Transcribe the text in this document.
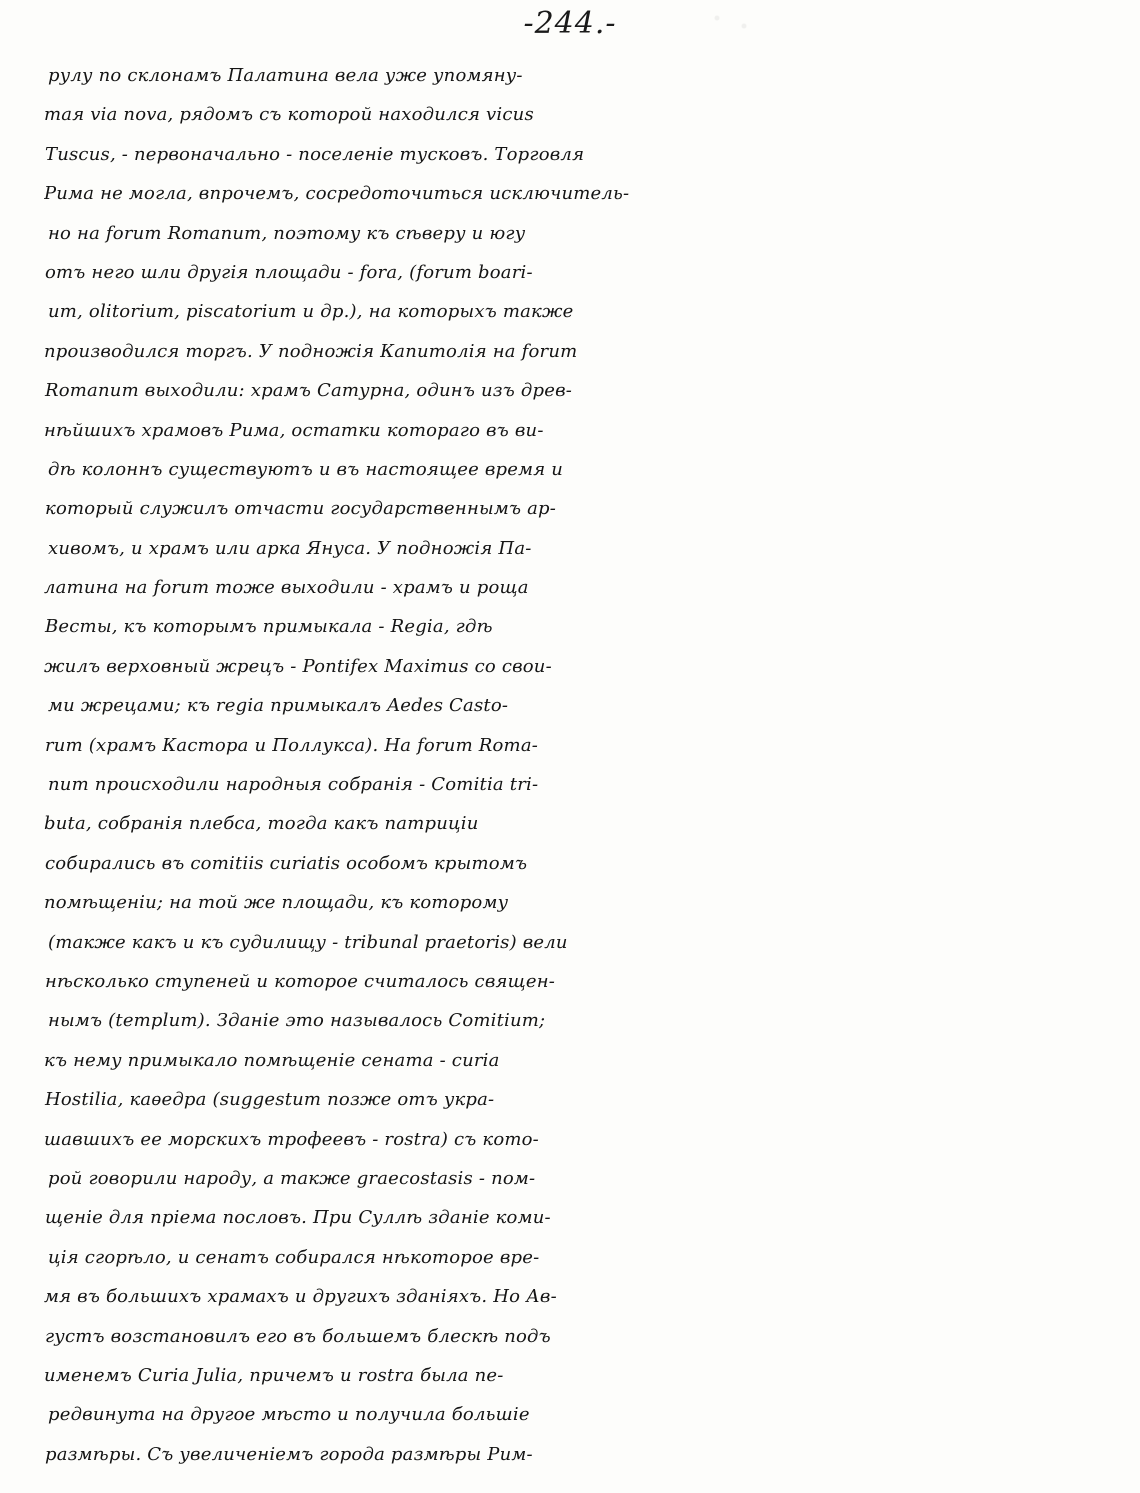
-244.-
рулу по склонамъ Палатина вела уже упомяну-
тая via nova, рядомъ съ которой находился vicus
Tuscus, - первоначально - поселеніе тусковъ. Торговля
Рима не могла, впрочемъ, сосредоточиться исключитель-
но на forum Romanum, поэтому къ сѣверу и югу
отъ него шли другія площади - fora, (forum boari-
um, olitorium, piscatorium и др.), на которыхъ также
производился торгъ. У подножія Капитолія на forum
Romanum выходили: храмъ Сатурна, одинъ изъ древ-
нѣйшихъ храмовъ Рима, остатки котораго въ ви-
дѣ колоннъ существуютъ и въ настоящее время и
который служилъ отчасти государственнымъ ар-
хивомъ, и храмъ или арка Януса. У подножія Па-
латина на forum тоже выходили - храмъ и роща
Весты, къ которымъ примыкала - Regia, гдѣ
жилъ верховный жрецъ - Pontifex Maximus со свои-
ми жрецами; къ regia примыкалъ Aedes Casto-
rum (храмъ Кастора и Поллукса). На forum Roma-
num происходили народныя собранія - Comitia tri-
buta, собранія плебса, тогда какъ патриціи
собирались въ comitiis curiatis особомъ крытомъ
помѣщеніи; на той же площади, къ которому
(также какъ и къ судилищу - tribunal praetoris) вели
нѣсколько ступеней и которое считалось священ-
нымъ (templum). Зданіе это называлось Comitium;
къ нему примыкало помѣщеніе сената - curia
Hostilia, каѳедра (suggestum позже отъ укра-
шавшихъ ее морскихъ трофеевъ - rostra) съ кото-
рой говорили народу, а также graecostasis - пом-
щеніе для пріема пословъ. При Суллѣ зданіе коми-
ція сгорѣло, и сенатъ собирался нѣкоторое вре-
мя въ большихъ храмахъ и другихъ зданіяхъ. Но Ав-
густъ возстановилъ его въ большемъ блескѣ подъ
именемъ Curia Julia, причемъ и rostra была пе-
редвинута на другое мѣсто и получила большіе
размѣры. Съ увеличеніемъ города размѣры Рим-
